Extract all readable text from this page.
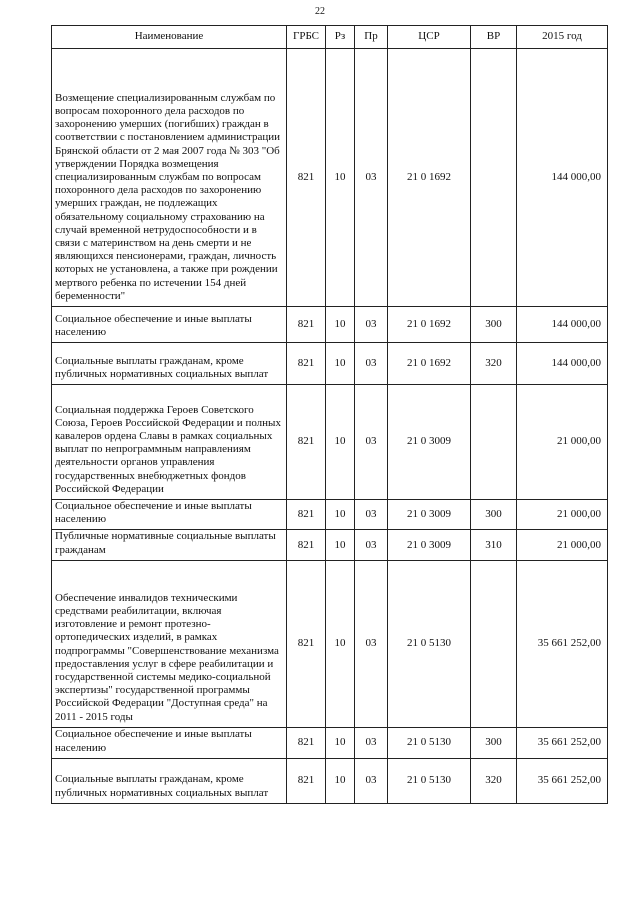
22
Наименование	ГРБС	Рз	Пр	ЦСР	ВР	2015 год
Возмещение специализированным службам по вопросам похоронного дела расходов по захоронению умерших (погибших) граждан в соответствии с постановлением администрации Брянской области от 2 мая 2007 года № 303 "Об утверждении Порядка возмещения специализированным службам по вопросам похоронного дела расходов по захоронению умерших граждан, не подлежащих обязательному социальному страхованию на случай временной нетрудоспособности и в связи с материнством на день смерти и не являющихся пенсионерами, граждан, личность которых не установлена, а также при рождении мертвого ребенка по истечении 154 дней беременности"	821	10	03	21 0 1692		144 000,00
Социальное обеспечение и иные выплаты населению	821	10	03	21 0 1692	300	144 000,00
Социальные выплаты гражданам, кроме публичных нормативных социальных выплат	821	10	03	21 0 1692	320	144 000,00
Социальная поддержка Героев Советского Союза, Героев Российской Федерации и полных кавалеров ордена Славы в рамках социальных выплат по непрограммным направлениям деятельности органов управления государственных внебюджетных фондов Российской Федерации	821	10	03	21 0 3009		21 000,00
Социальное обеспечение и иные выплаты населению	821	10	03	21 0 3009	300	21 000,00
Публичные нормативные социальные выплаты гражданам	821	10	03	21 0 3009	310	21 000,00
Обеспечение инвалидов техническими средствами реабилитации, включая изготовление и ремонт протезно-ортопедических изделий, в рамках подпрограммы "Совершенствование механизма предоставления услуг в сфере реабилитации и государственной системы медико-социальной экспертизы" государственной программы Российской Федерации "Доступная среда" на 2011 - 2015 годы	821	10	03	21 0 5130		35 661 252,00
Социальное обеспечение и иные выплаты населению	821	10	03	21 0 5130	300	35 661 252,00
Социальные выплаты гражданам, кроме публичных нормативных социальных выплат	821	10	03	21 0 5130	320	35 661 252,00
